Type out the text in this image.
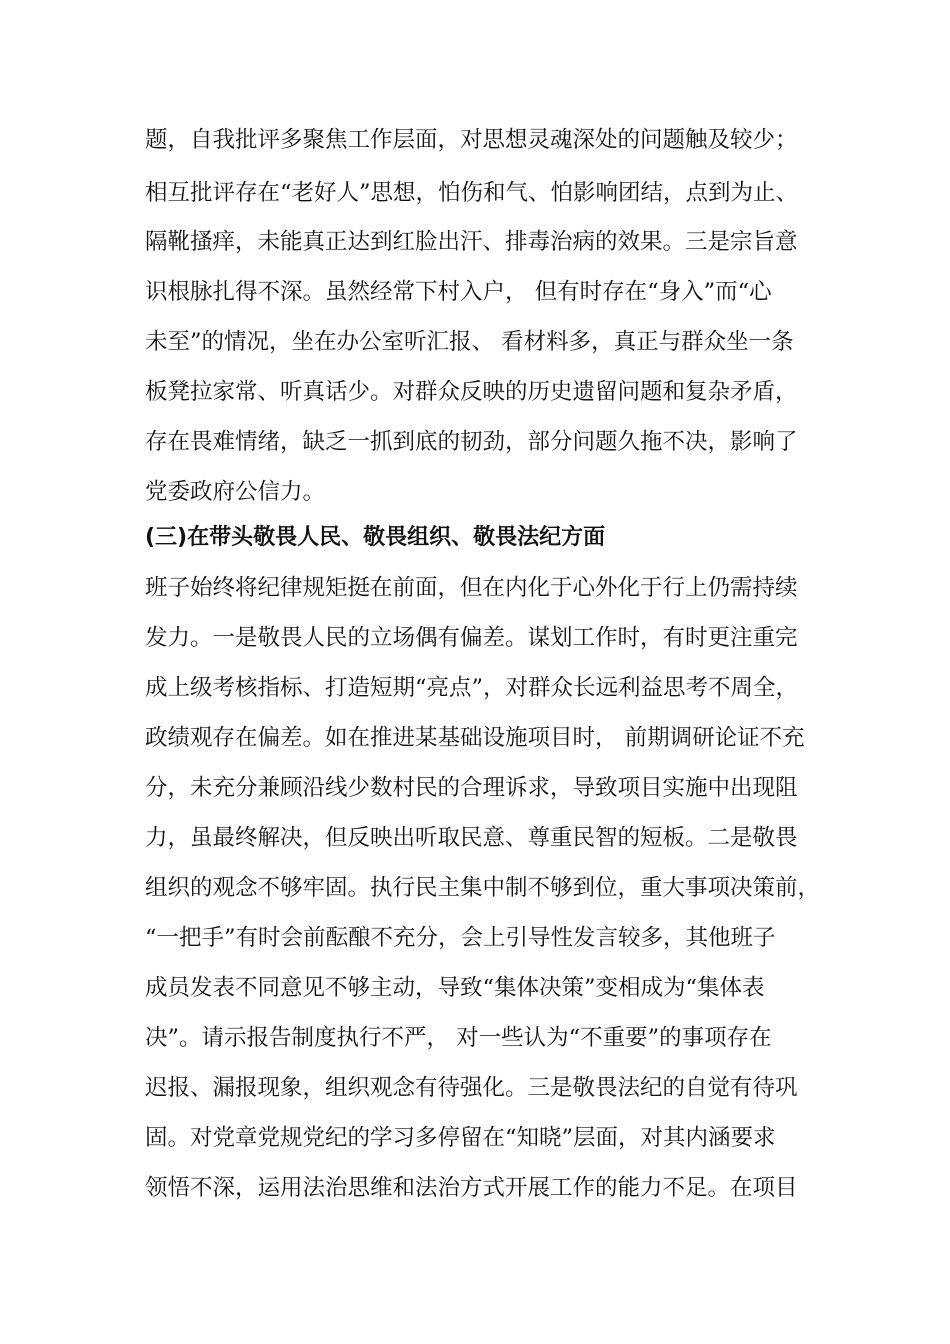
题，自我批评多聚焦工作层面，对思想灵魂深处的问题触及较少；
相互批评存在“老好人”思想，怕伤和气、怕影响团结，点到为止、
隔靴搔痒，未能真正达到红脸出汗、排毒治病的效果。三是宗旨意
识根脉扎得不深。虽然经常下村入户， 但有时存在“身入”而“心
未至”的情况，坐在办公室听汇报、 看材料多，真正与群众坐一条
板凳拉家常、听真话少。对群众反映的历史遗留问题和复杂矛盾，
存在畏难情绪，缺乏一抓到底的韧劲，部分问题久拖不决，影响了
党委政府公信力。
(三)在带头敬畏人民、敬畏组织、敬畏法纪方面
班子始终将纪律规矩挺在前面，但在内化于心外化于行上仍需持续
发力。一是敬畏人民的立场偶有偏差。谋划工作时，有时更注重完
成上级考核指标、打造短期“亮点”，对群众长远利益思考不周全，
政绩观存在偏差。如在推进某基础设施项目时， 前期调研论证不充
分，未充分兼顾沿线少数村民的合理诉求，导致项目实施中出现阻
力，虽最终解决，但反映出听取民意、尊重民智的短板。二是敬畏
组织的观念不够牢固。执行民主集中制不够到位，重大事项决策前，
“一把手”有时会前酝酿不充分，会上引导性发言较多，其他班子
成员发表不同意见不够主动，导致“集体决策”变相成为“集体表
决”。请示报告制度执行不严， 对一些认为“不重要”的事项存在
迟报、漏报现象，组织观念有待强化。三是敬畏法纪的自觉有待巩
固。对党章党规党纪的学习多停留在“知晓”层面，对其内涵要求
领悟不深，运用法治思维和法治方式开展工作的能力不足。在项目
